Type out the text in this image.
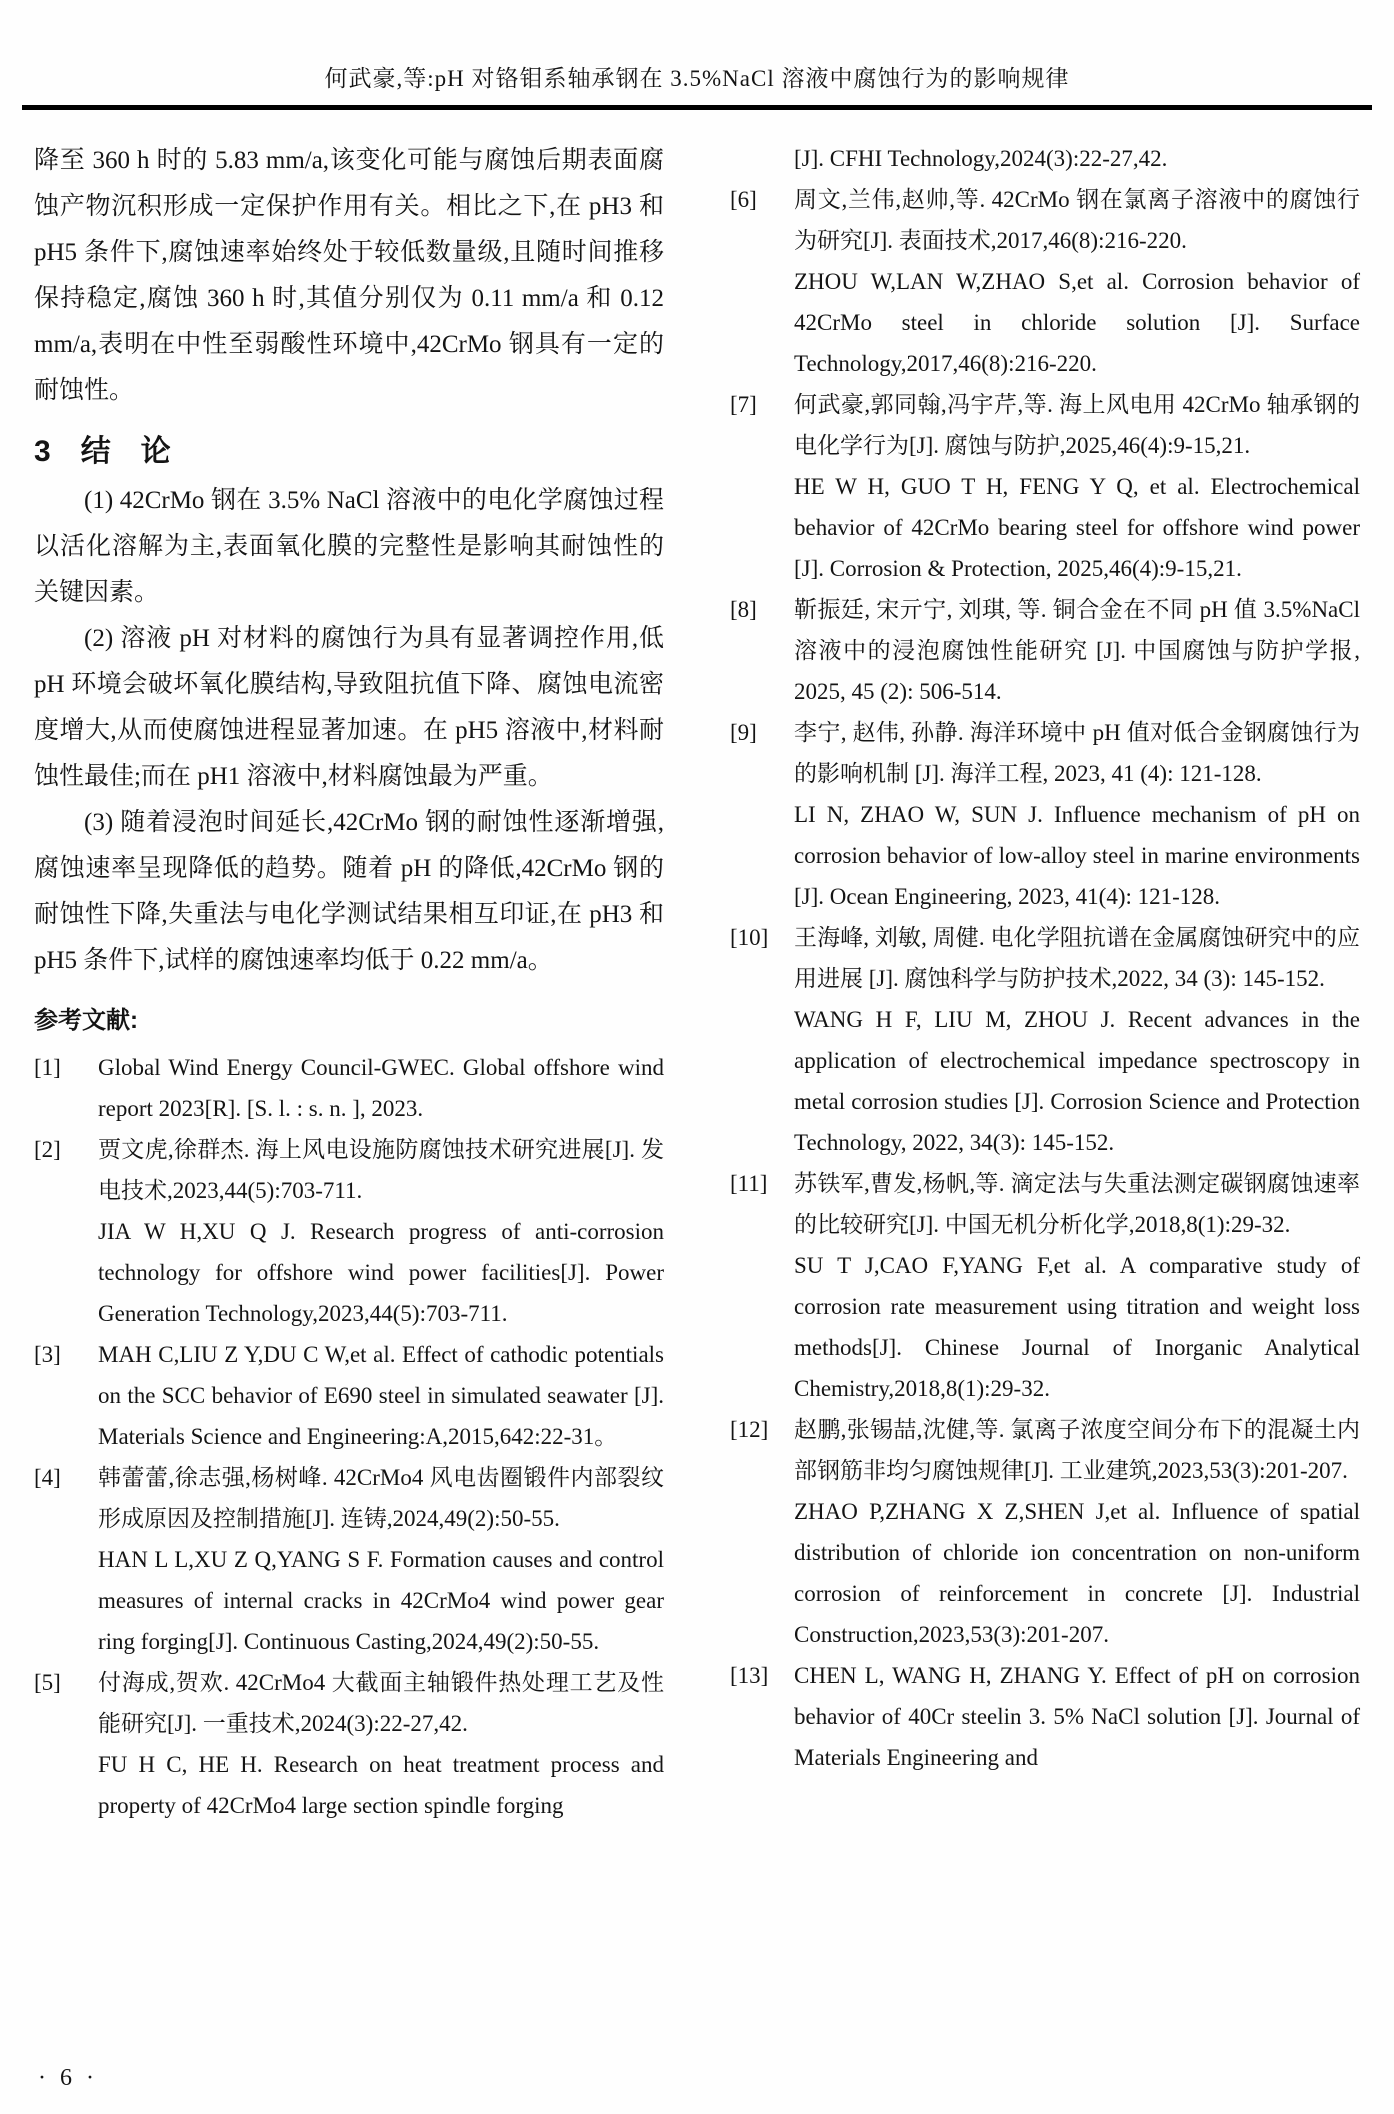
何武豪,等:pH 对铬钼系轴承钢在 3.5%NaCl 溶液中腐蚀行为的影响规律

降至 360 h 时的 5.83 mm/a,该变化可能与腐蚀后期表面腐蚀产物沉积形成一定保护作用有关。相比之下,在 pH3 和 pH5 条件下,腐蚀速率始终处于较低数量级,且随时间推移保持稳定,腐蚀 360 h 时,其值分别仅为 0.11 mm/a 和 0.12 mm/a,表明在中性至弱酸性环境中,42CrMo 钢具有一定的耐蚀性。

3 结　论

(1) 42CrMo 钢在 3.5% NaCl 溶液中的电化学腐蚀过程以活化溶解为主,表面氧化膜的完整性是影响其耐蚀性的关键因素。

(2) 溶液 pH 对材料的腐蚀行为具有显著调控作用,低 pH 环境会破坏氧化膜结构,导致阻抗值下降、腐蚀电流密度增大,从而使腐蚀进程显著加速。在 pH5 溶液中,材料耐蚀性最佳;而在 pH1 溶液中,材料腐蚀最为严重。

(3) 随着浸泡时间延长,42CrMo 钢的耐蚀性逐渐增强,腐蚀速率呈现降低的趋势。随着 pH 的降低,42CrMo 钢的耐蚀性下降,失重法与电化学测试结果相互印证,在 pH3 和 pH5 条件下,试样的腐蚀速率均低于 0.22 mm/a。

参考文献:
[1] Global Wind Energy Council-GWEC. Global offshore wind report 2023[R]. [S. l. : s. n. ], 2023.

[2] 贾文虎,徐群杰. 海上风电设施防腐蚀技术研究进展[J]. 发电技术,2023,44(5):703-711.

JIA W H,XU Q J. Research progress of anti-corrosion technology for offshore wind power facilities[J]. Power Generation Technology,2023,44(5):703-711.

[3] MAH C,LIU Z Y,DU C W,et al. Effect of cathodic potentials on the SCC behavior of E690 steel in simulated seawater [J]. Materials Science and Engineering:A,2015,642:22-31。

[4] 韩蕾蕾,徐志强,杨树峰. 42CrMo4 风电齿圈锻件内部裂纹形成原因及控制措施[J]. 连铸,2024,49(2):50-55.

HAN L L,XU Z Q,YANG S F. Formation causes and control measures of internal cracks in 42CrMo4 wind power gear ring forging[J]. Continuous Casting,2024,49(2):50-55.

[5] 付海成,贺欢. 42CrMo4 大截面主轴锻件热处理工艺及性能研究[J]. 一重技术,2024(3):22-27,42.

FU H C, HE H. Research on heat treatment process and property of 42CrMo4 large section spindle forging

[J]. CFHI Technology,2024(3):22-27,42.

[6] 周文,兰伟,赵帅,等. 42CrMo 钢在氯离子溶液中的腐蚀行为研究[J]. 表面技术,2017,46(8):216-220.

ZHOU W,LAN W,ZHAO S,et al. Corrosion behavior of 42CrMo steel in chloride solution [J]. Surface Technology,2017,46(8):216-220.

[7] 何武豪,郭同翰,冯宇芹,等. 海上风电用 42CrMo 轴承钢的电化学行为[J]. 腐蚀与防护,2025,46(4):9-15,21.

HE W H, GUO T H, FENG Y Q, et al. Electrochemical behavior of 42CrMo bearing steel for offshore wind power [J]. Corrosion & Protection, 2025,46(4):9-15,21.

[8] 靳振廷, 宋亓宁, 刘琪, 等. 铜合金在不同 pH 值 3.5%NaCl 溶液中的浸泡腐蚀性能研究 [J]. 中国腐蚀与防护学报, 2025, 45 (2): 506-514.

[9] 李宁, 赵伟, 孙静. 海洋环境中 pH 值对低合金钢腐蚀行为的影响机制 [J]. 海洋工程, 2023, 41 (4): 121-128.

LI N, ZHAO W, SUN J. Influence mechanism of pH on corrosion behavior of low-alloy steel in marine environments [J]. Ocean Engineering, 2023, 41(4): 121-128.

[10] 王海峰, 刘敏, 周健. 电化学阻抗谱在金属腐蚀研究中的应用进展 [J]. 腐蚀科学与防护技术,2022, 34 (3): 145-152.

WANG H F, LIU M, ZHOU J. Recent advances in the application of electrochemical impedance spectroscopy in metal corrosion studies [J]. Corrosion Science and Protection Technology, 2022, 34(3): 145-152.

[11] 苏铁军,曹发,杨帆,等. 滴定法与失重法测定碳钢腐蚀速率的比较研究[J]. 中国无机分析化学,2018,8(1):29-32.

SU T J,CAO F,YANG F,et al. A comparative study of corrosion rate measurement using titration and weight loss methods[J]. Chinese Journal of Inorganic Analytical Chemistry,2018,8(1):29-32.

[12] 赵鹏,张锡喆,沈健,等. 氯离子浓度空间分布下的混凝土内部钢筋非均匀腐蚀规律[J]. 工业建筑,2023,53(3):201-207.

ZHAO P,ZHANG X Z,SHEN J,et al. Influence of spatial distribution of chloride ion concentration on non-uniform corrosion of reinforcement in concrete [J]. Industrial Construction,2023,53(3):201-207.

[13] CHEN L, WANG H, ZHANG Y. Effect of pH on corrosion behavior of 40Cr steelin 3. 5% NaCl solution [J]. Journal of Materials Engineering and

· 6 ·
